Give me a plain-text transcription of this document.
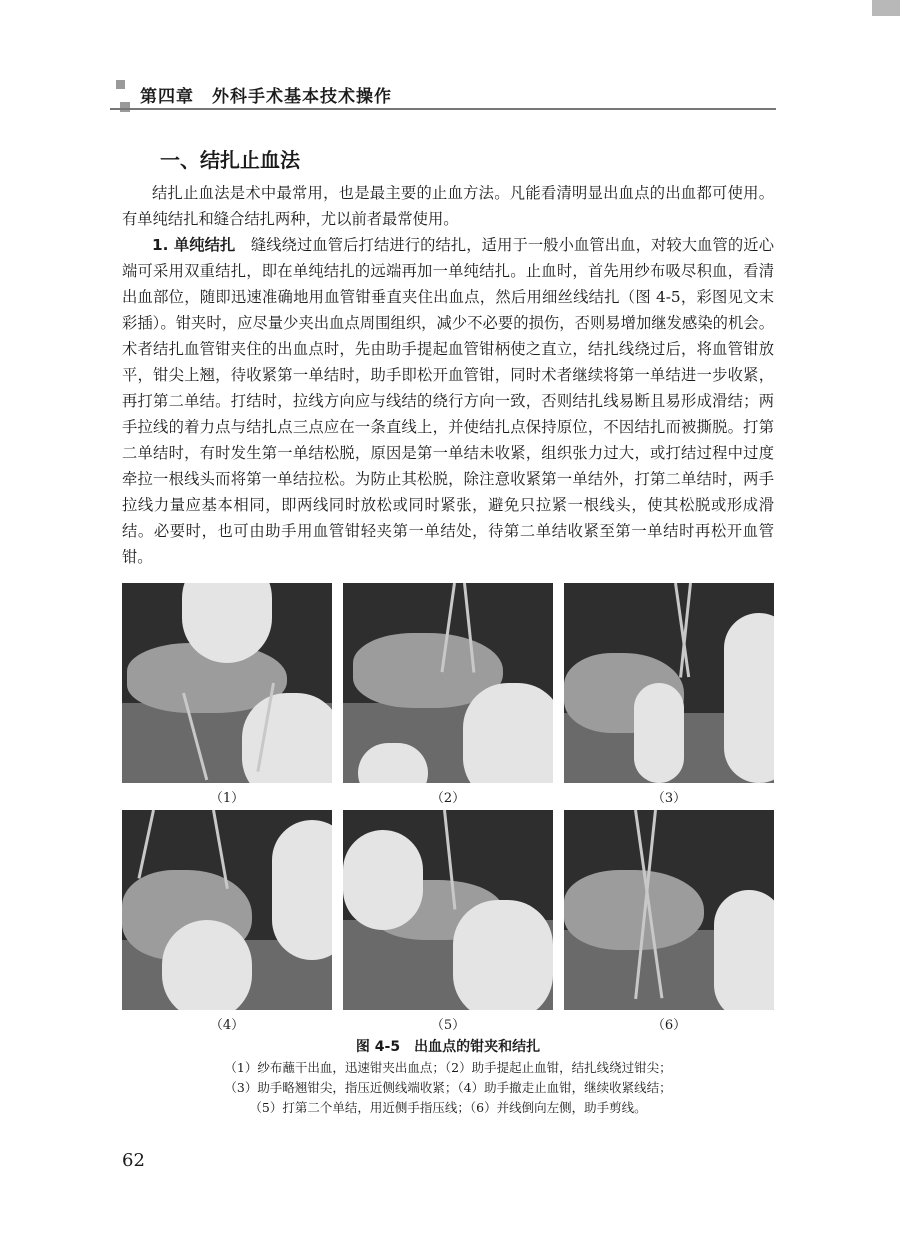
第四章　外科手术基本技术操作
一、结扎止血法

结扎止血法是术中最常用，也是最主要的止血方法。凡能看清明显出血点的出血都可使用。有单纯结扎和缝合结扎两种，尤以前者最常使用。

1. 单纯结扎　缝线绕过血管后打结进行的结扎，适用于一般小血管出血，对较大血管的近心端可采用双重结扎，即在单纯结扎的远端再加一单纯结扎。止血时，首先用纱布吸尽积血，看清出血部位，随即迅速准确地用血管钳垂直夹住出血点，然后用细丝线结扎（图 4-5，彩图见文末彩插）。钳夹时，应尽量少夹出血点周围组织，减少不必要的损伤，否则易增加继发感染的机会。术者结扎血管钳夹住的出血点时，先由助手提起血管钳柄使之直立，结扎线绕过后，将血管钳放平，钳尖上翘，待收紧第一单结时，助手即松开血管钳，同时术者继续将第一单结进一步收紧，再打第二单结。打结时，拉线方向应与线结的绕行方向一致，否则结扎线易断且易形成滑结；两手拉线的着力点与结扎点三点应在一条直线上，并使结扎点保持原位，不因结扎而被撕脱。打第二单结时，有时发生第一单结松脱，原因是第一单结未收紧，组织张力过大，或打结过程中过度牵拉一根线头而将第一单结拉松。为防止其松脱，除注意收紧第一单结外，打第二单结时，两手拉线力量应基本相同，即两线同时放松或同时紧张，避免只拉紧一根线头，使其松脱或形成滑结。必要时，也可由助手用血管钳轻夹第一单结处，待第二单结收紧至第一单结时再松开血管钳。

（1）	（2）	（3）
（4）	（5）	（6）
图 4-5　出血点的钳夹和结扎
（1）纱布蘸干出血，迅速钳夹出血点；（2）助手提起止血钳，结扎线绕过钳尖；
（3）助手略翘钳尖，指压近侧线端收紧；（4）助手撤走止血钳，继续收紧线结；
（5）打第二个单结，用近侧手指压线；（6）并线倒向左侧，助手剪线。
62
